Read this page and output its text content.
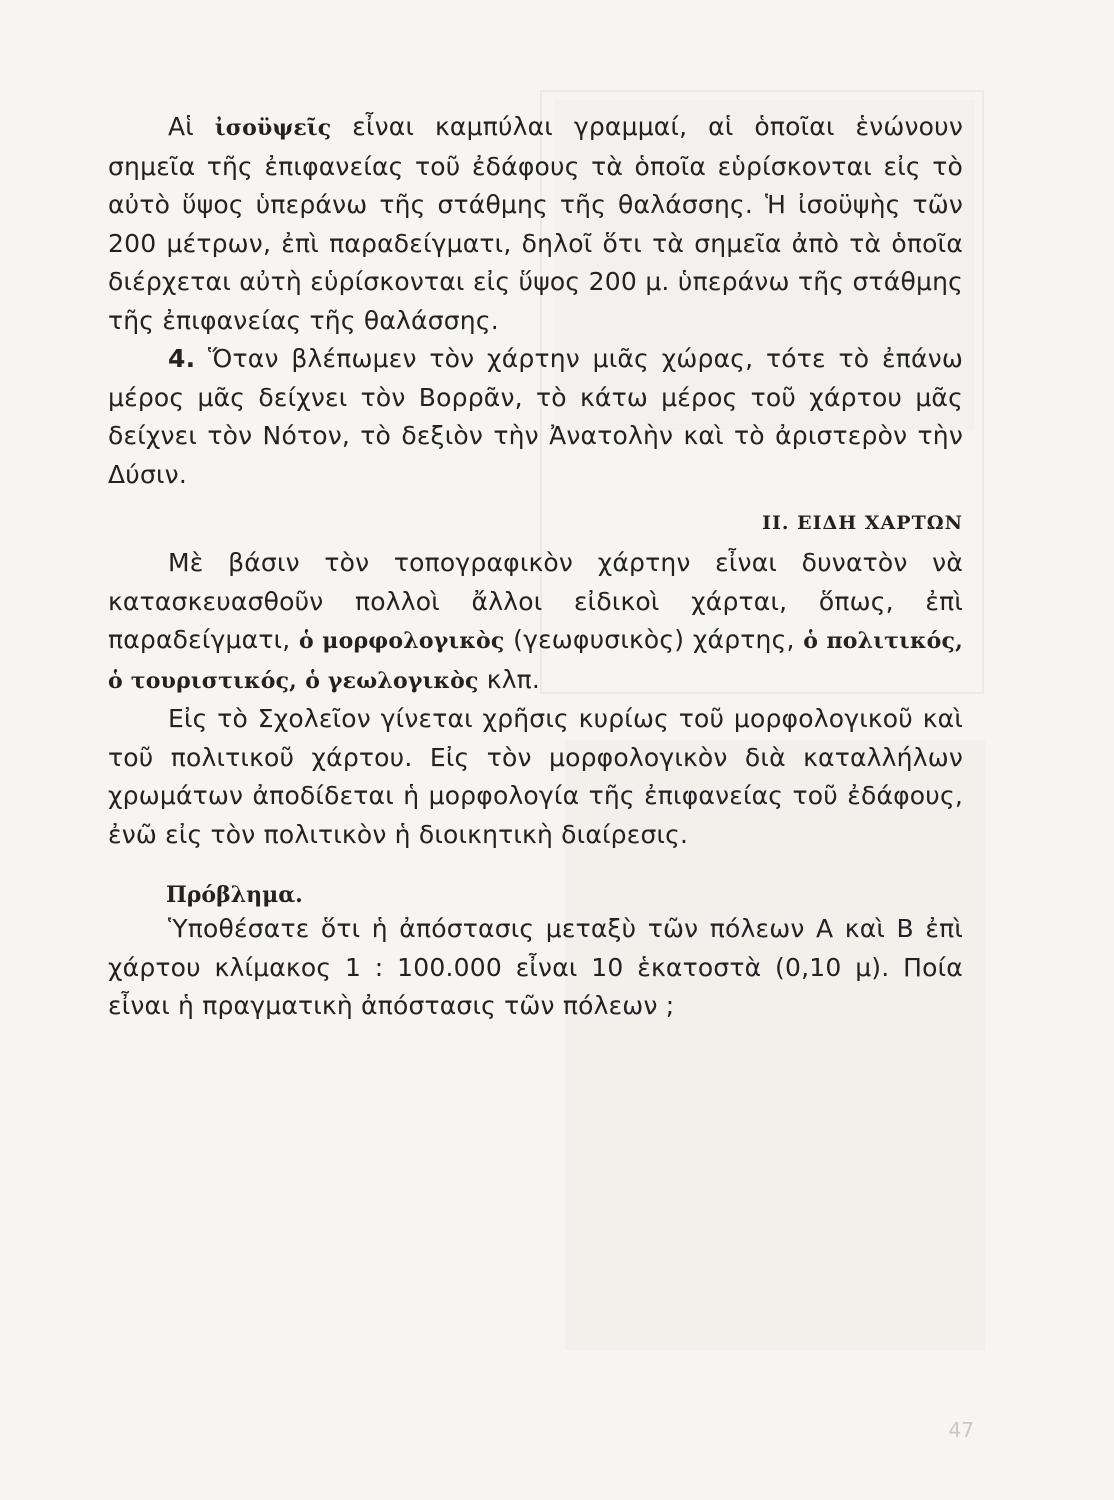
Αἱ ἰσοϋψεῖς εἶναι καμπύλαι γραμμαί, αἱ ὁποῖαι ἑνώνουν σημεῖα τῆς ἐπιφανείας τοῦ ἐδάφους τὰ ὁποῖα εὑρίσκονται εἰς τὸ αὐτὸ ὕψος ὑπεράνω τῆς στάθμης τῆς θαλάσσης. Ἡ ἰσοϋψὴς τῶν 200 μέτρων, ἐπὶ παραδείγματι, δηλοῖ ὅτι τὰ σημεῖα ἀπὸ τὰ ὁποῖα διέρχεται αὐτὴ εὑρίσκονται εἰς ὕψος 200 μ. ὑπεράνω τῆς στάθμης τῆς ἐπιφανείας τῆς θαλάσσης.

4. Ὅταν βλέπωμεν τὸν χάρτην μιᾶς χώρας, τότε τὸ ἐπάνω μέρος μᾶς δείχνει τὸν Βορρᾶν, τὸ κάτω μέρος τοῦ χάρτου μᾶς δείχνει τὸν Νότον, τὸ δεξιὸν τὴν Ἀνατολὴν καὶ τὸ ἀριστερὸν τὴν Δύσιν.

ΙΙ. ΕΙΔΗ ΧΑΡΤΩΝ

Μὲ βάσιν τὸν τοπογραφικὸν χάρτην εἶναι δυνατὸν νὰ κατασκευασθοῦν πολλοὶ ἄλλοι εἰδικοὶ χάρται, ὅπως, ἐπὶ παραδείγματι, ὁ μορφολογικὸς (γεωφυσικὸς) χάρτης, ὁ πολιτικός, ὁ τουριστικός, ὁ γεωλογικὸς κλπ.

Εἰς τὸ Σχολεῖον γίνεται χρῆσις κυρίως τοῦ μορφολογικοῦ καὶ τοῦ πολιτικοῦ χάρτου. Εἰς τὸν μορφολογικὸν διὰ καταλλήλων χρωμάτων ἀποδίδεται ἡ μορφολογία τῆς ἐπιφανείας τοῦ ἐδάφους, ἐνῶ εἰς τὸν πολιτικὸν ἡ διοικητικὴ διαίρεσις.

Πρόβλημα.

Ὑποθέσατε ὅτι ἡ ἀπόστασις μεταξὺ τῶν πόλεων Α καὶ Β ἐπὶ χάρτου κλίμακος 1 : 100.000 εἶναι 10 ἑκατοστὰ (0,10 μ). Ποία εἶναι ἡ πραγματικὴ ἀπόστασις τῶν πόλεων ;

47
